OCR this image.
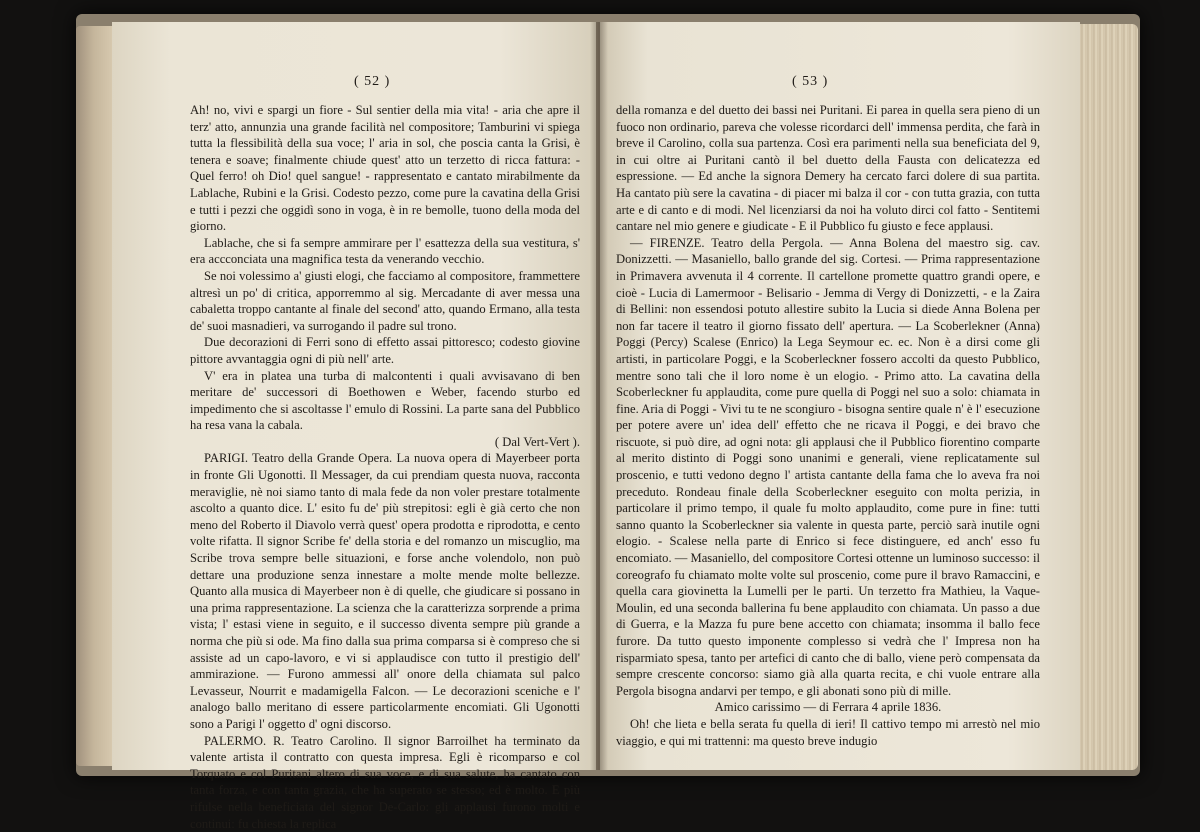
( 52 )

Ah! no, vivi e spargi un fiore - Sul sentier della mia vita! - aria che apre il terz' atto, annunzia una grande facilità nel compositore; Tamburini vi spiega tutta la flessibilità della sua voce; l' aria in sol, che poscia canta la Grisi, è tenera e soave; finalmente chiude quest' atto un terzetto di ricca fattura: - Quel ferro! oh Dio! quel sangue! - rappresentato e cantato mirabilmente da Lablache, Rubini e la Grisi. Codesto pezzo, come pure la cavatina della Grisi e tutti i pezzi che oggidì sono in voga, è in re bemolle, tuono della moda del giorno.

Lablache, che si fa sempre ammirare per l' esattezza della sua vestitura, s' era accconciata una magnifica testa da venerando vecchio.

Se noi volessimo a' giusti elogi, che facciamo al compositore, frammettere altresì un po' di critica, apporremmo al sig. Mercadante di aver messa una cabaletta troppo cantante al finale del second' atto, quando Ermano, alla testa de' suoi masnadieri, va surrogando il padre sul trono.

Due decorazioni di Ferri sono di effetto assai pittoresco; codesto giovine pittore avvantaggia ogni di più nell' arte.

V' era in platea una turba di malcontenti i quali avvisavano di ben meritare de' successori di Boethowen e Weber, facendo sturbo ed impedimento che si ascoltasse l' emulo di Rossini. La parte sana del Pubblico ha resa vana la cabala.

( Dal Vert-Vert ).

PARIGI. Teatro della Grande Opera. La nuova opera di Mayerbeer porta in fronte Gli Ugonotti. Il Messager, da cui prendiam questa nuova, racconta meraviglie, nè noi siamo tanto di mala fede da non voler prestare totalmente ascolto a quanto dice. L' esito fu de' più strepitosi: egli è già certo che non meno del Roberto il Diavolo verrà quest' opera prodotta e riprodotta, e cento volte rifatta. Il signor Scribe fe' della storia e del romanzo un miscuglio, ma Scribe trova sempre belle situazioni, e forse anche volendolo, non può dettare una produzione senza innestare a molte mende molte bellezze. Quanto alla musica di Mayerbeer non è di quelle, che giudicare si possano in una prima rappresentazione. La scienza che la caratterizza sorprende a prima vista; l' estasi viene in seguito, e il successo diventa sempre più grande a norma che più si ode. Ma fino dalla sua prima comparsa si è compreso che si assiste ad un capo-lavoro, e vi si applaudisce con tutto il prestigio dell' ammirazione. — Furono ammessi all' onore della chiamata sul palco Levasseur, Nourrit e madamigella Falcon. — Le decorazioni sceniche e l' analogo ballo meritano di essere particolarmente encomiati. Gli Ugonotti sono a Parigi l' oggetto d' ogni discorso.

PALERMO. R. Teatro Carolino. Il signor Barroilhet ha terminato da valente artista il contratto con questa impresa. Egli è ricomparso e col Torquato e col Puritani altero di sua voce, e di sua salute, ha cantato con tanta forza, e con tanta grazia, che ha superato se stesso; ed è molto. E più rifulse nella beneficiata del signor De-Carlo: gli applausi furono molti e continui: fu chiesta la replica

( 53 )

della romanza e del duetto dei bassi nei Puritani. Ei parea in quella sera pieno di un fuoco non ordinario, pareva che volesse ricordarci dell' immensa perdita, che farà in breve il Carolino, colla sua partenza. Così era parimenti nella sua beneficiata del 9, in cui oltre ai Puritani cantò il bel duetto della Fausta con delicatezza ed espressione. — Ed anche la signora Demery ha cercato farci dolere di sua partita. Ha cantato più sere la cavatina - di piacer mi balza il cor - con tutta grazia, con tutta arte e di canto e di modi. Nel licenziarsi da noi ha voluto dirci col fatto - Sentitemi cantare nel mio genere e giudicate - E il Pubblico fu giusto e fece applausi.

— FIRENZE. Teatro della Pergola. — Anna Bolena del maestro sig. cav. Donizzetti. — Masaniello, ballo grande del sig. Cortesi. — Prima rappresentazione in Primavera avvenuta il 4 corrente. Il cartellone promette quattro grandi opere, e cioè - Lucia di Lamermoor - Belisario - Jemma di Vergy di Donizzetti, - e la Zaira di Bellini: non essendosi potuto allestire subito la Lucia si diede Anna Bolena per non far tacere il teatro il giorno fissato dell' apertura. — La Scoberlekner (Anna) Poggi (Percy) Scalese (Enrico) la Lega Seymour ec. ec. Non è a dirsi come gli artisti, in particolare Poggi, e la Scoberleckner fossero accolti da questo Pubblico, mentre sono tali che il loro nome è un elogio. - Primo atto. La cavatina della Scoberleckner fu applaudita, come pure quella di Poggi nel suo a solo: chiamata in fine. Aria di Poggi - Vivi tu te ne scongiuro - bisogna sentire quale n' è l' esecuzione per potere avere un' idea dell' effetto che ne ricava il Poggi, e dei bravo che riscuote, si può dire, ad ogni nota: gli applausi che il Pubblico fiorentino comparte al merito distinto di Poggi sono unanimi e generali, viene replicatamente sul proscenio, e tutti vedono degno l' artista cantante della fama che lo aveva fra noi preceduto. Rondeau finale della Scoberleckner eseguito con molta perizia, in particolare il primo tempo, il quale fu molto applaudito, come pure in fine: tutti sanno quanto la Scoberleckner sia valente in questa parte, perciò sarà inutile ogni elogio. - Scalese nella parte di Enrico si fece distinguere, ed anch' esso fu encomiato. — Masaniello, del compositore Cortesi ottenne un luminoso successo: il coreografo fu chiamato molte volte sul proscenio, come pure il bravo Ramaccini, e quella cara giovinetta la Lumelli per le parti. Un terzetto fra Mathieu, la Vaque-Moulin, ed una seconda ballerina fu bene applaudito con chiamata. Un passo a due di Guerra, e la Mazza fu pure bene accetto con chiamata; insomma il ballo fece furore. Da tutto questo imponente complesso si vedrà che l' Impresa non ha risparmiato spesa, tanto per artefici di canto che di ballo, viene però compensata da sempre crescente concorso: siamo già alla quarta recita, e chi vuole entrare alla Pergola bisogna andarvi per tempo, e gli abonati sono più di mille.

Amico carissimo — di Ferrara 4 aprile 1836.

Oh! che lieta e bella serata fu quella di ieri! Il cattivo tempo mi arrestò nel mio viaggio, e qui mi trattenni: ma questo breve indugio
